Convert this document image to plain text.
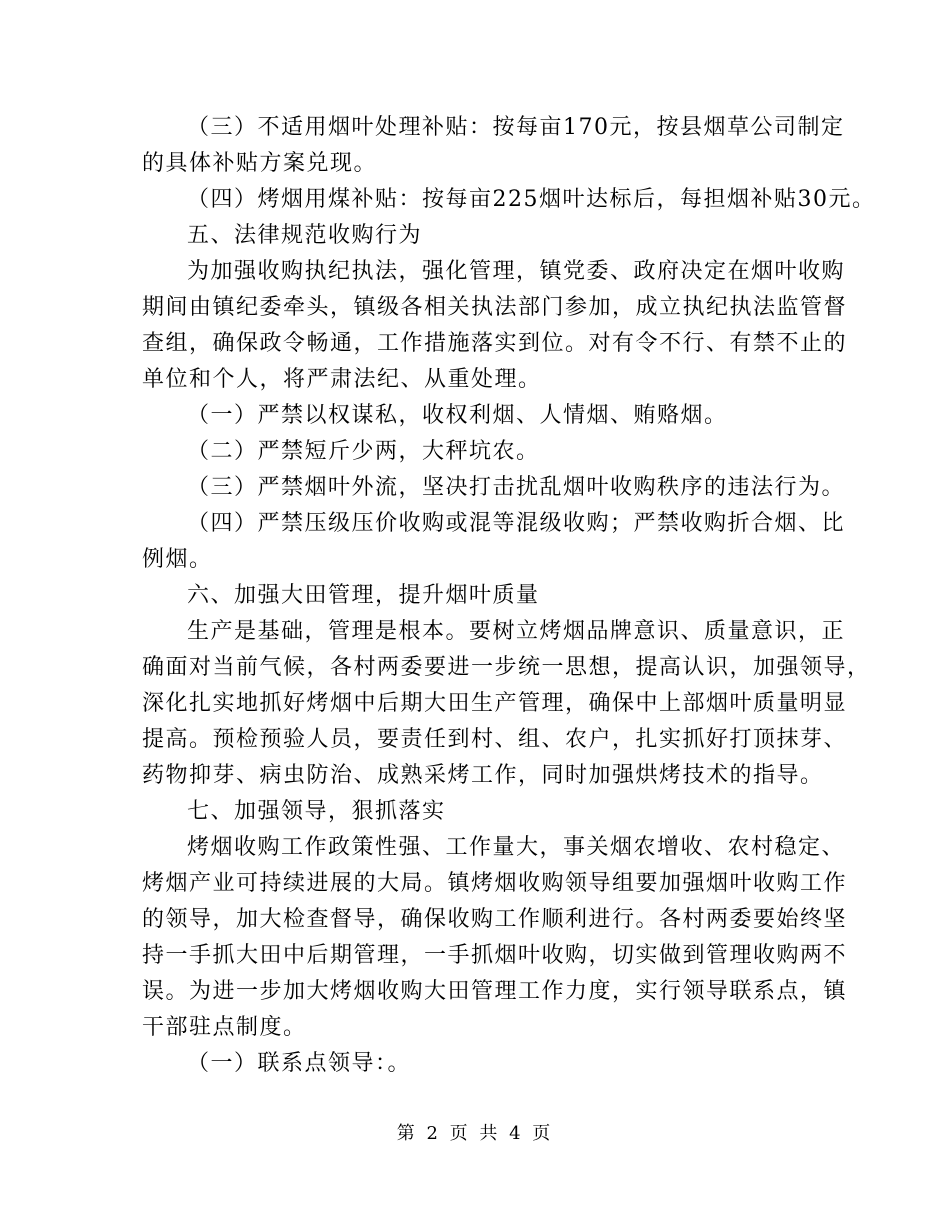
（三）不适用烟叶处理补贴：按每亩170元，按县烟草公司制定
的具体补贴方案兑现。
（四）烤烟用煤补贴：按每亩225烟叶达标后，每担烟补贴30元。
五、法律规范收购行为
为加强收购执纪执法，强化管理，镇党委、政府决定在烟叶收购
期间由镇纪委牵头，镇级各相关执法部门参加，成立执纪执法监管督
查组，确保政令畅通，工作措施落实到位。对有令不行、有禁不止的
单位和个人，将严肃法纪、从重处理。
（一）严禁以权谋私，收权利烟、人情烟、贿赂烟。
（二）严禁短斤少两，大秤坑农。
（三）严禁烟叶外流，坚决打击扰乱烟叶收购秩序的违法行为。
（四）严禁压级压价收购或混等混级收购；严禁收购折合烟、比
例烟。
六、加强大田管理，提升烟叶质量
生产是基础，管理是根本。要树立烤烟品牌意识、质量意识，正
确面对当前气候，各村两委要进一步统一思想，提高认识，加强领导，
深化扎实地抓好烤烟中后期大田生产管理，确保中上部烟叶质量明显
提高。预检预验人员，要责任到村、组、农户，扎实抓好打顶抹芽、
药物抑芽、病虫防治、成熟采烤工作，同时加强烘烤技术的指导。
七、加强领导，狠抓落实
烤烟收购工作政策性强、工作量大，事关烟农增收、农村稳定、
烤烟产业可持续进展的大局。镇烤烟收购领导组要加强烟叶收购工作
的领导，加大检查督导，确保收购工作顺利进行。各村两委要始终坚
持一手抓大田中后期管理，一手抓烟叶收购，切实做到管理收购两不
误。为进一步加大烤烟收购大田管理工作力度，实行领导联系点，镇
干部驻点制度。
（一）联系点领导：。
第 2 页 共 4 页
